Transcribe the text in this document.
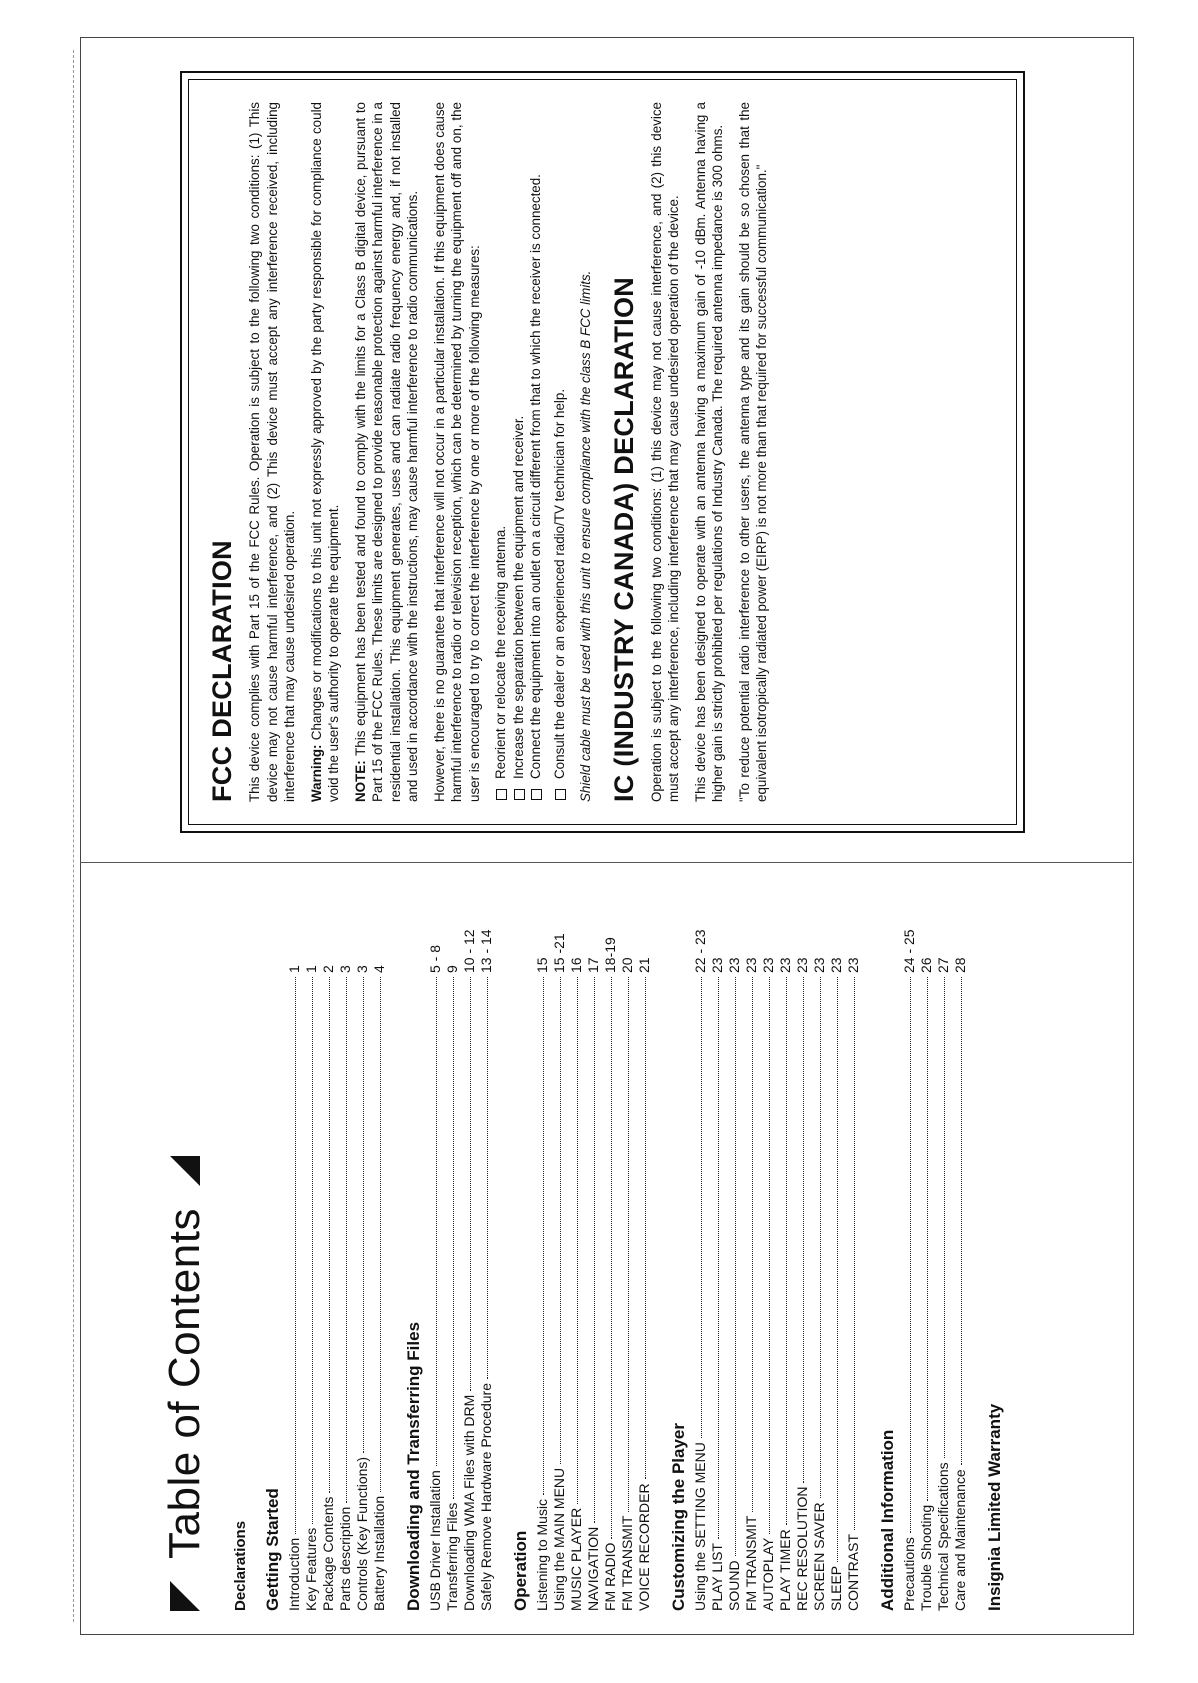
Table of Contents
Declarations Getting Started Introduction
1
Key Features
1
Package Contents
2
Parts description
3
Controls (Key Functions)
3
Battery Installation
4
Downloading and Transferring Files USB Driver Installation
5 - 8
Transferring Files
9
Downloading WMA Files with DRM
10 - 12
Safely Remove Hardware Procedure
13 - 14
Operation Listening to Music
15
Using the MAIN MENU
15 -21
MUSIC PLAYER
16
NAVIGATION
17
FM RADIO
18-19
FM TRANSMIT
20
VOICE RECORDER
21
Customizing the Player Using the SETTING MENU
22 - 23
PLAY LIST
23
SOUND
23
FM TRANSMIT
23
AUTOPLAY
23
PLAY TIMER
23
REC RESOLUTION
23
SCREEN SAVER
23
SLEEP
23
CONTRAST
23
Additional Information Precautions
24 - 25
Trouble Shooting
26
Technical Specifications
27
Care and Maintenance
28
Insignia Limited Warranty
FCC DECLARATION This device complies with Part 15 of the FCC Rules. Operation is subject to the following two conditions: (1) This device may not cause harmful interference, and (2) This device must accept any interference received, including interference that may cause undesired operation. Warning: Changes or modifications to this unit not expressly approved by the party responsible for compliance could void the user's authority to operate the equipment. NOTE: This equipment has been tested and found to comply with the limits for a Class B digital device, pursuant to Part 15 of the FCC Rules. These limits are designed to provide reasonable protection against harmful interference in a residential installation. This equipment generates, uses and can radiate radio frequency energy and, if not installed and used in accordance with the instructions, may cause harmful interference to radio communications. However, there is no guarantee that interference will not occur in a particular installation. If this equipment does cause harmful interference to radio or television reception, which can be determined by turning the equipment off and on, the user is encouraged to try to correct the interference by one or more of the following measures: Reorient or relocate the receiving antenna. Increase the separation between the equipment and receiver. Connect the equipment into an outlet on a circuit different from that to which the receiver is connected. Consult the dealer or an experienced radio/TV technician for help. Shield cable must be used with this unit to ensure compliance with the class B FCC limits. IC (INDUSTRY CANADA) DECLARATION Operation is subject to the following two conditions: (1) this device may not cause interference, and (2) this device must accept any interference, including interference that may cause undesired operation of the device. This device has been designed to operate with an antenna having a maximum gain of -10 dBm. Antenna having a higher gain is strictly prohibited per regulations of Industry Canada. The required antenna impedance is 300 ohms. "To reduce potential radio interference to other users, the antenna type and its gain should be so chosen that the equivalent isotropically radiated power (EIRP) is not more than that required for successful communication."
